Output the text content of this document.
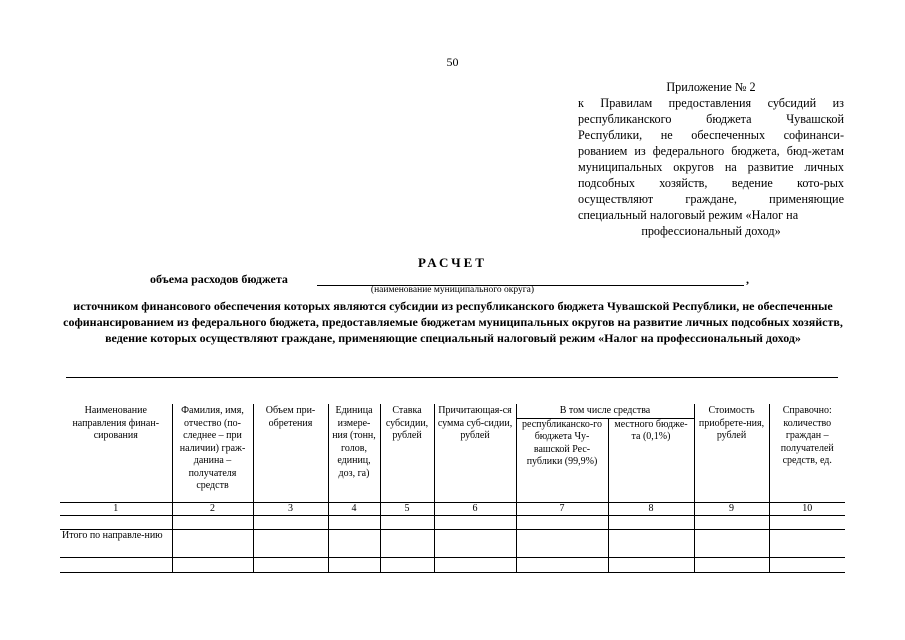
50
Приложение № 2
к Правилам предоставления субсидий из республиканского бюджета Чувашской Республики, не обеспеченных софинанси-рованием из федерального бюджета, бюд-жетам муниципальных округов на развитие личных подсобных хозяйств, ведение кото-рых осуществляют граждане, применяющие специальный налоговый режим «Налог на
профессиональный доход»
РАСЧЕТ
объема расходов бюджета	,
(наименование муниципального округа)
источником финансового обеспечения которых являются субсидии из республиканского бюджета Чувашской Республики, не обеспеченные софинансированием из федерального бюджета, предоставляемые бюджетам муниципальных округов на развитие личных подсобных хозяйств, ведение которых осуществляют граждане, применяющие специальный налоговый режим «Налог на профессиональный доход»
Наименование направления финан-сирования	Фамилия, имя, отчество (по-следнее – при наличии) граж-данина – получателя средств	Объем при-обретения	Единица измере-ния (тонн, голов, единиц, доз, га)	Ставка субсидии, рублей	Причитающая-ся сумма суб-сидии, рублей	В том числе средства		Стоимость приобрете-ния, рублей	Справочно: количество граждан – получателей средств, ед.
						республиканско-го бюджета Чу-вашской Рес-публики (99,9%)	местного бюдже-та (0,1%)		
1	2	3	4	5	6	7	8	9	10

Итого по направле-нию									
